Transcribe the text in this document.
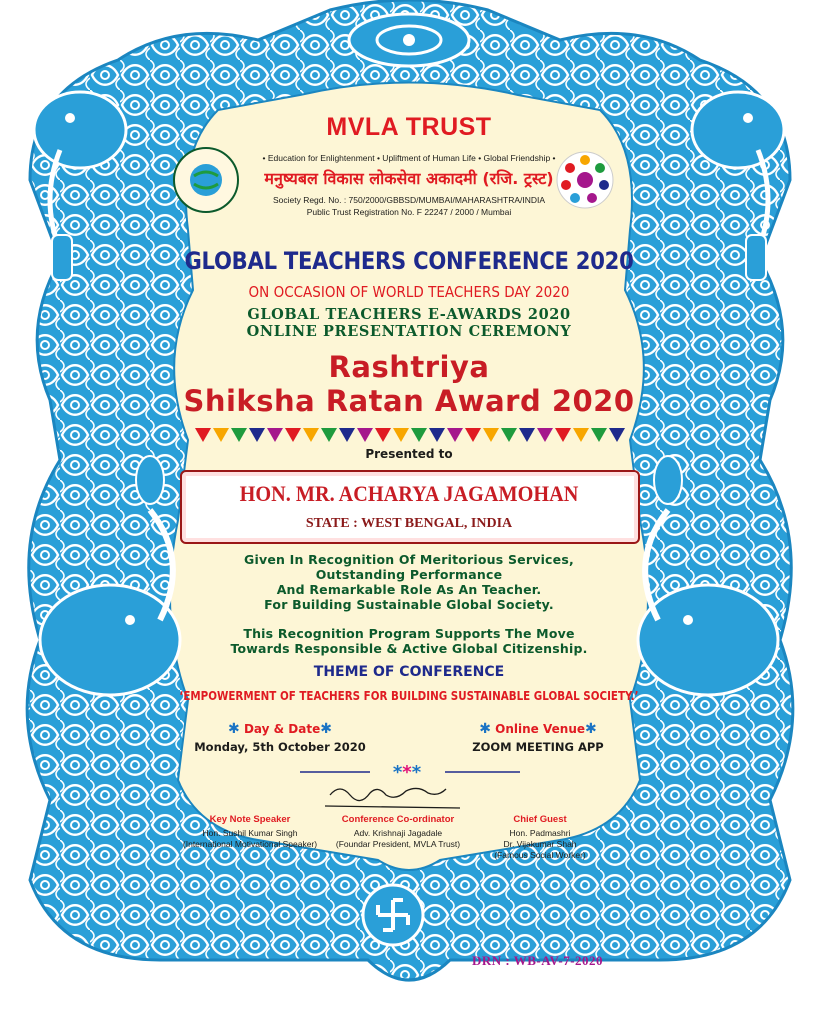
***
MVLA TRUST
• Education for Enlightenment • Upliftment of Human Life • Global Friendship •
मनुष्यबल विकास लोकसेवा अकादमी (रजि. ट्रस्ट)
Society Regd. No. : 750/2000/GBBSD/MUMBAI/MAHARASHTRA/INDIA
Public Trust Registration No. F 22247 / 2000 / Mumbai
GLOBAL TEACHERS CONFERENCE 2020
ON OCCASION OF WORLD TEACHERS DAY 2020
GLOBAL TEACHERS E-AWARDS 2020
ONLINE PRESENTATION CEREMONY
Rashtriya
Shiksha Ratan Award 2020
Presented to
HON. MR. ACHARYA JAGAMOHAN
STATE : WEST BENGAL, INDIA
Given In Recognition Of Meritorious Services,
Outstanding Performance
And Remarkable Role As An Teacher.
For Building Sustainable Global Society.
This Recognition Program Supports The Move
Towards Responsible & Active Global Citizenship.
THEME OF CONFERENCE
‘EMPOWERMENT OF TEACHERS FOR BUILDING SUSTAINABLE GLOBAL SOCIETY.’
✱ Day & Date✱
Monday, 5th October 2020
✱ Online Venue✱
ZOOM MEETING APP
Key Note Speaker
Hon. Sushil Kumar Singh
(International Motivational Speaker)
Conference Co-ordinator
Adv. Krishnaji Jagadale
(Foundar President, MVLA Trust)
Chief Guest
Hon. Padmashri
Dr. Vijakumar Shah
(Famous Social Worker)
DRN : WB-AV-7-2020
